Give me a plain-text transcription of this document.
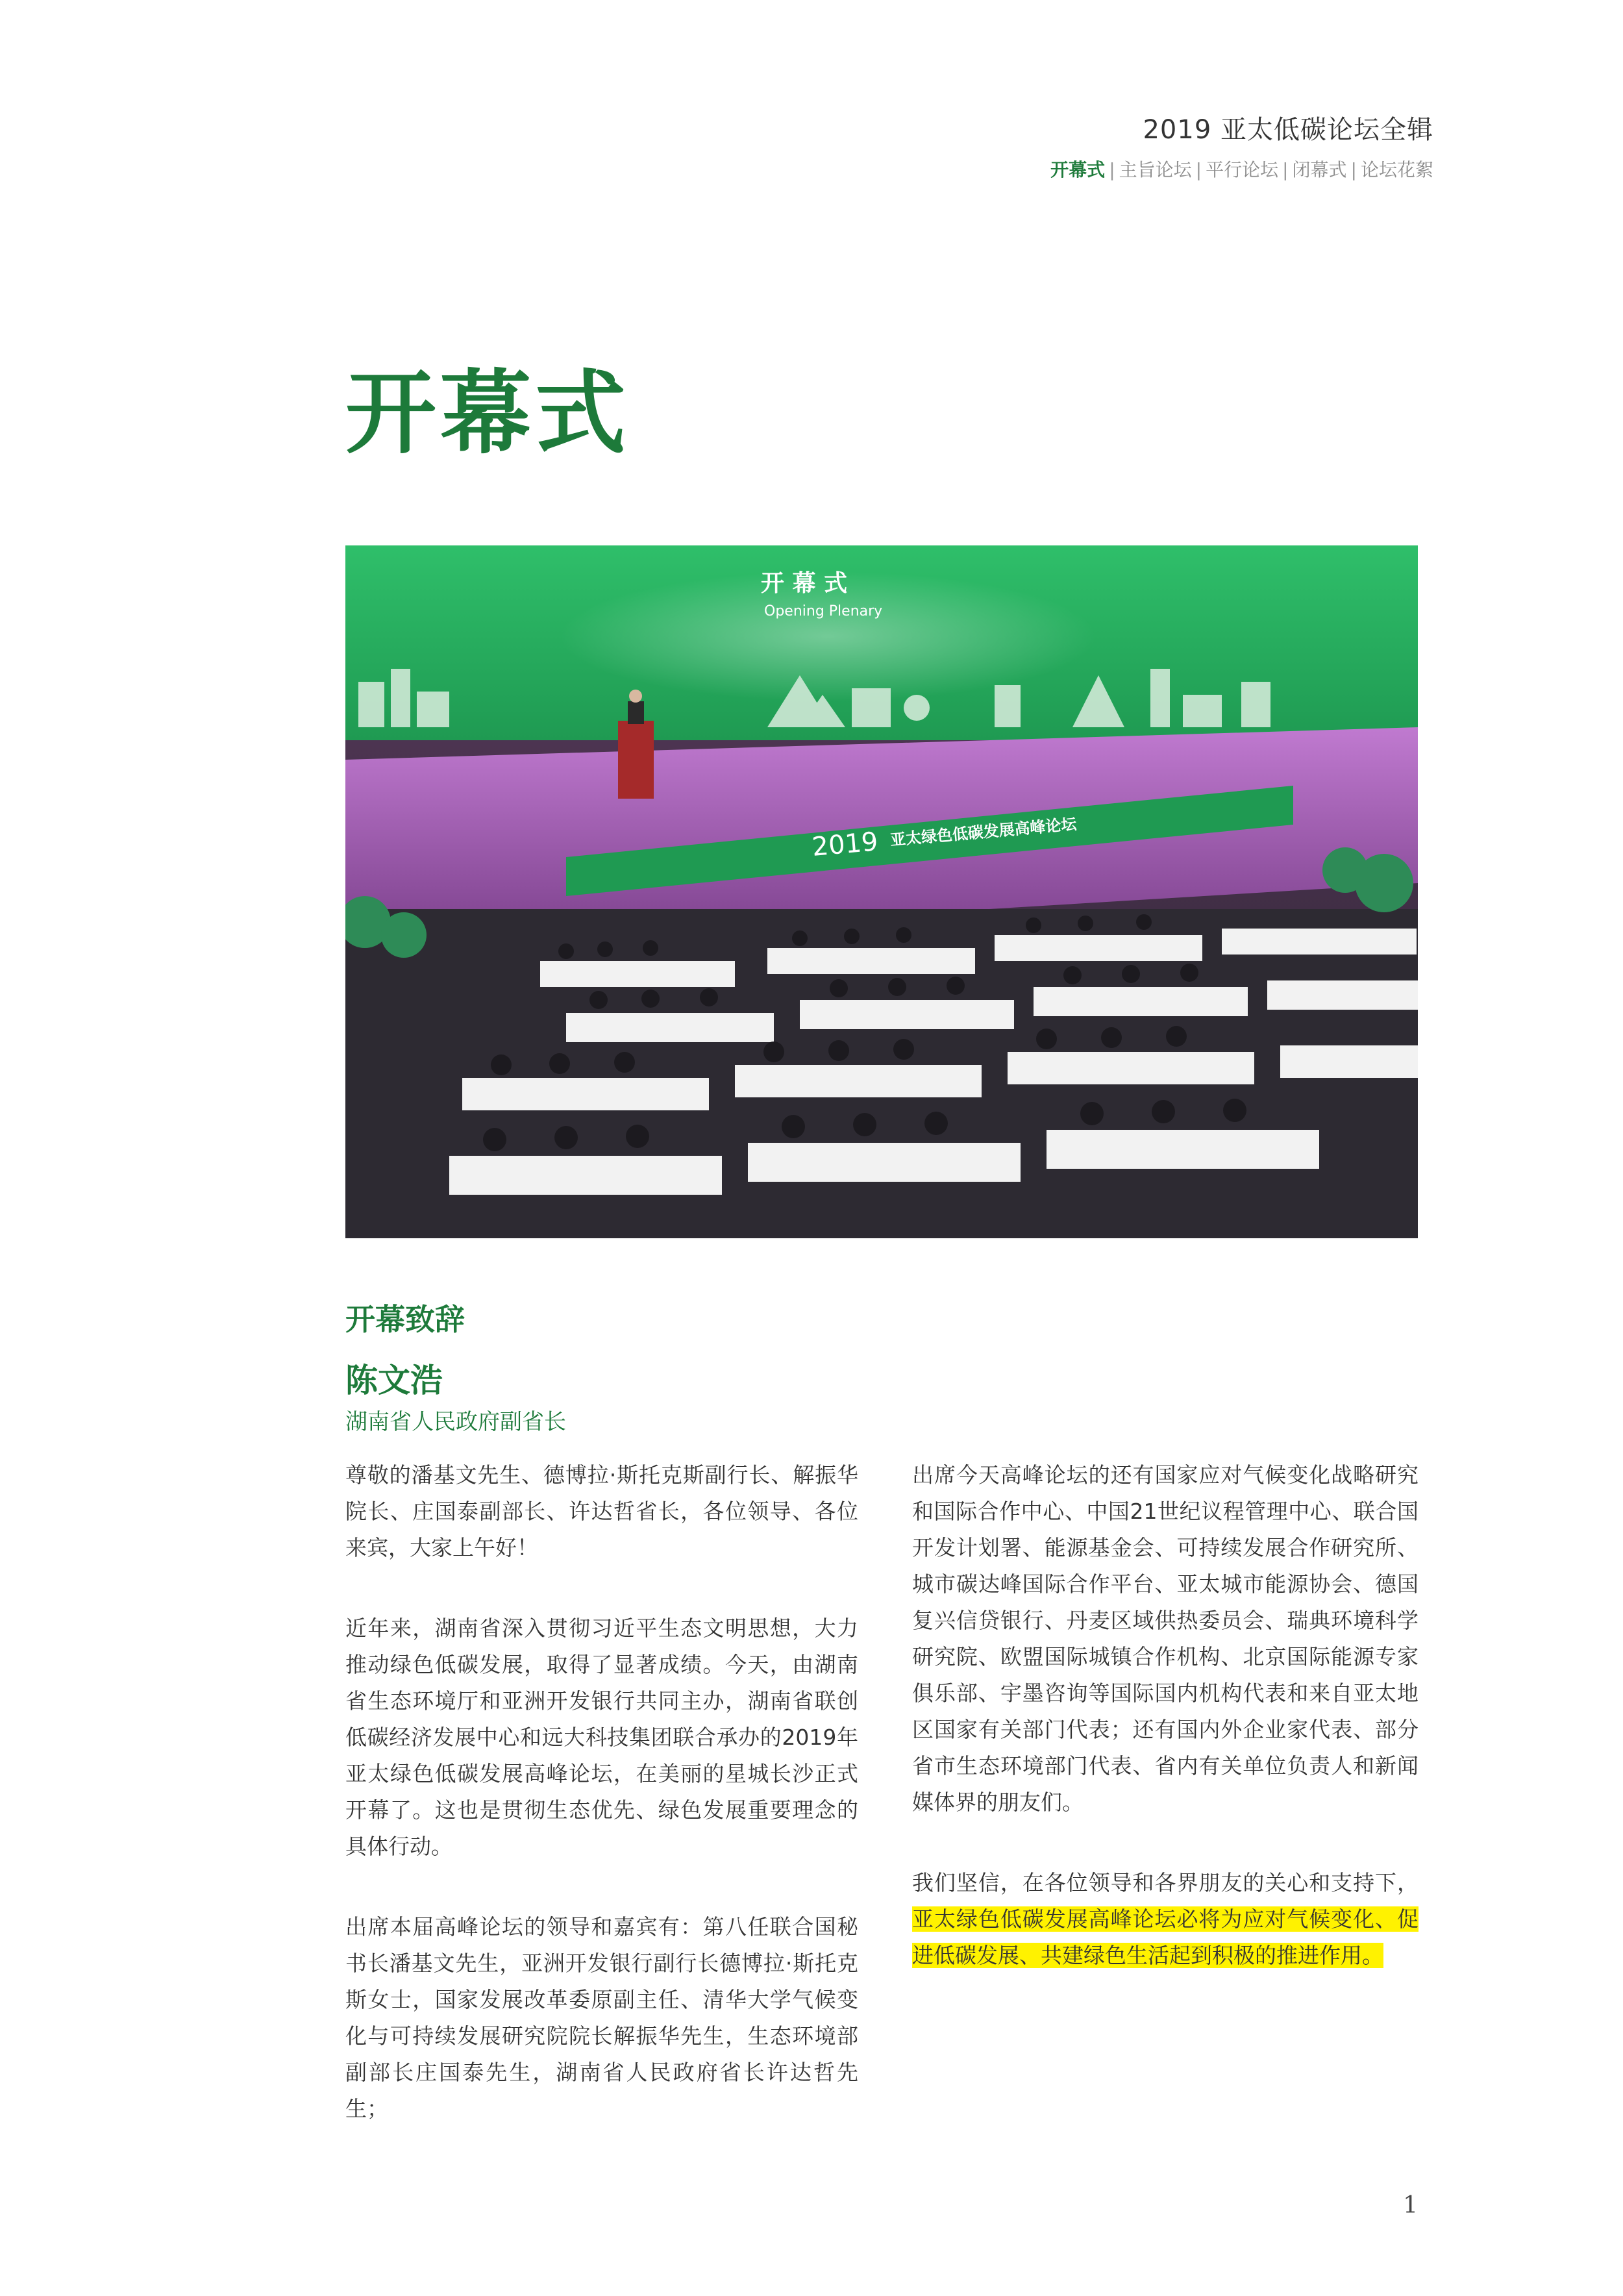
2019 亚太低碳论坛全辑
开幕式 | 主旨论坛 | 平行论坛 | 闭幕式 | 论坛花絮
开幕式
开 幕 式
Opening Plenary
2019 亚太绿色低碳发展高峰论坛
开幕致辞
陈文浩
湖南省人民政府副省长

尊敬的潘基文先生、德博拉·斯托克斯副行长、解振华院长、庄国泰副部长、许达哲省长，各位领导、各位来宾，大家上午好！

近年来，湖南省深入贯彻习近平生态文明思想，大力推动绿色低碳发展，取得了显著成绩。今天，由湖南省生态环境厅和亚洲开发银行共同主办，湖南省联创低碳经济发展中心和远大科技集团联合承办的2019年亚太绿色低碳发展高峰论坛，在美丽的星城长沙正式开幕了。这也是贯彻生态优先、绿色发展重要理念的具体行动。

出席本届高峰论坛的领导和嘉宾有：第八任联合国秘书长潘基文先生，亚洲开发银行副行长德博拉·斯托克斯女士，国家发展改革委原副主任、清华大学气候变化与可持续发展研究院院长解振华先生，生态环境部副部长庄国泰先生，湖南省人民政府省长许达哲先生；

出席今天高峰论坛的还有国家应对气候变化战略研究和国际合作中心、中国21世纪议程管理中心、联合国开发计划署、能源基金会、可持续发展合作研究所、城市碳达峰国际合作平台、亚太城市能源协会、德国复兴信贷银行、丹麦区域供热委员会、瑞典环境科学研究院、欧盟国际城镇合作机构、北京国际能源专家俱乐部、宇墨咨询等国际国内机构代表和来自亚太地区国家有关部门代表；还有国内外企业家代表、部分省市生态环境部门代表、省内有关单位负责人和新闻媒体界的朋友们。

我们坚信，在各位领导和各界朋友的关心和支持下，亚太绿色低碳发展高峰论坛必将为应对气候变化、促进低碳发展、共建绿色生活起到积极的推进作用。

1
